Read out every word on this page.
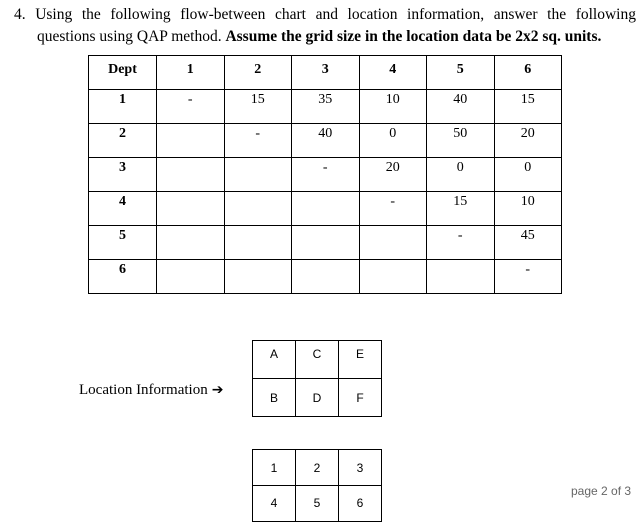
4. Using the following flow-between chart and location information, answer the following
questions using QAP method. Assume the grid size in the location data be 2x2 sq. units.
Dept	1	2	3	4	5	6
1	-	15	35	10	40	15
2		-	40	0	50	20
3			-	20	0	0
4				-	15	10
5					-	45
6						-
Location Information ➔
A	C	E
B	D	F
1	2	3
4	5	6
page 2 of 3
